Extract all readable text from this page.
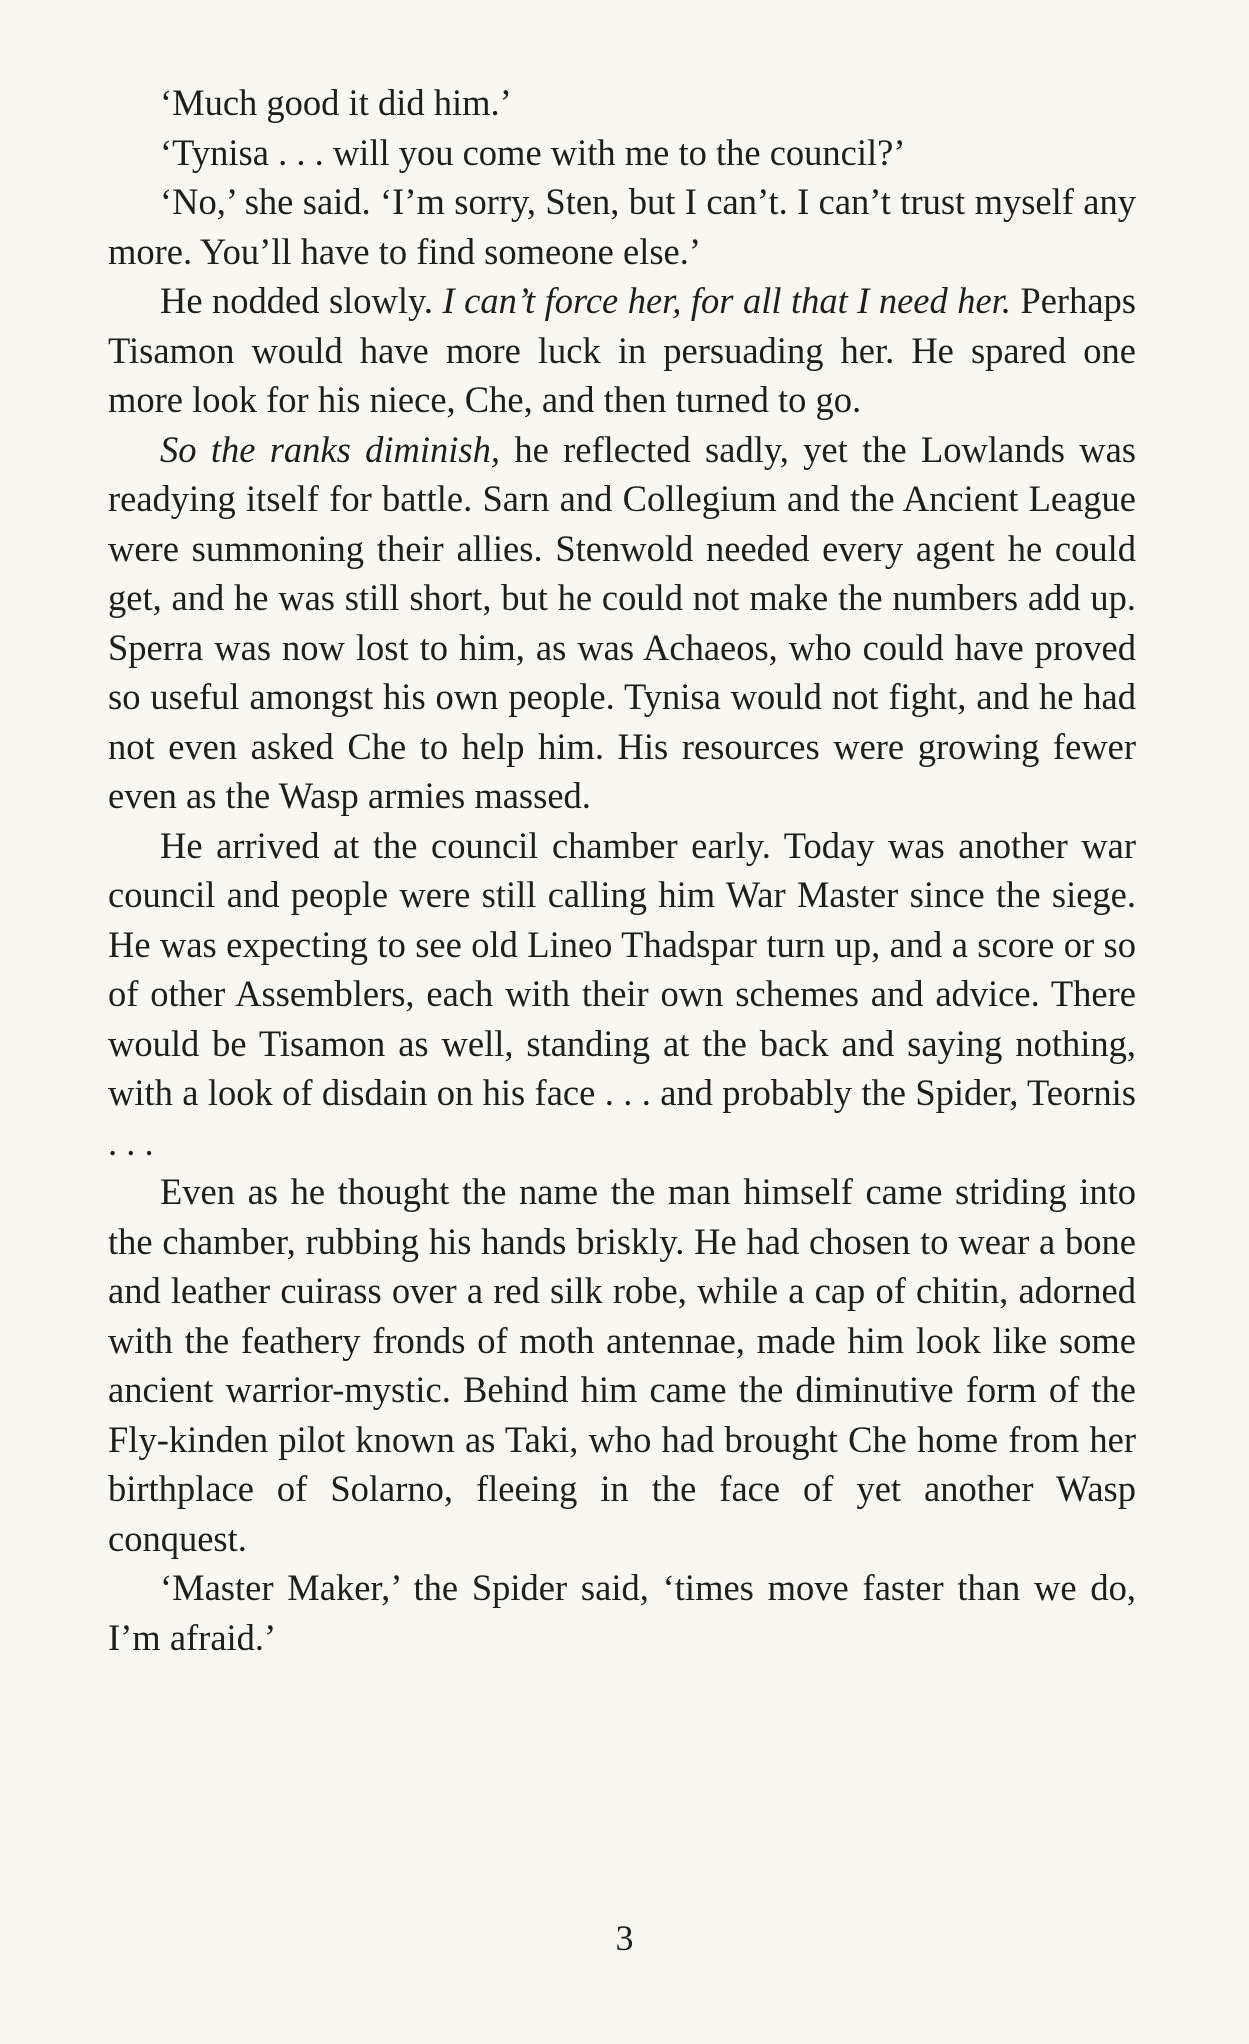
‘Much good it did him.’

‘Tynisa . . . will you come with me to the council?’

‘No,’ she said. ‘I’m sorry, Sten, but I can’t. I can’t trust myself any more. You’ll have to find someone else.’

He nodded slowly. I can’t force her, for all that I need her. Perhaps Tisamon would have more luck in persuading her. He spared one more look for his niece, Che, and then turned to go.

So the ranks diminish, he reflected sadly, yet the Lowlands was readying itself for battle. Sarn and Collegium and the Ancient League were summoning their allies. Stenwold needed every agent he could get, and he was still short, but he could not make the numbers add up. Sperra was now lost to him, as was Achaeos, who could have proved so useful amongst his own people. Tynisa would not fight, and he had not even asked Che to help him. His resources were growing fewer even as the Wasp armies massed.

He arrived at the council chamber early. Today was another war council and people were still calling him War Master since the siege. He was expecting to see old Lineo Thadspar turn up, and a score or so of other Assemblers, each with their own schemes and advice. There would be Tisamon as well, standing at the back and saying nothing, with a look of disdain on his face . . . and probably the Spider, Teornis . . .

Even as he thought the name the man himself came striding into the chamber, rubbing his hands briskly. He had chosen to wear a bone and leather cuirass over a red silk robe, while a cap of chitin, adorned with the feathery fronds of moth antennae, made him look like some ancient warrior-mystic. Behind him came the diminutive form of the Fly-kinden pilot known as Taki, who had brought Che home from her birthplace of Solarno, fleeing in the face of yet another Wasp conquest.

‘Master Maker,’ the Spider said, ‘times move faster than we do, I’m afraid.’

3
